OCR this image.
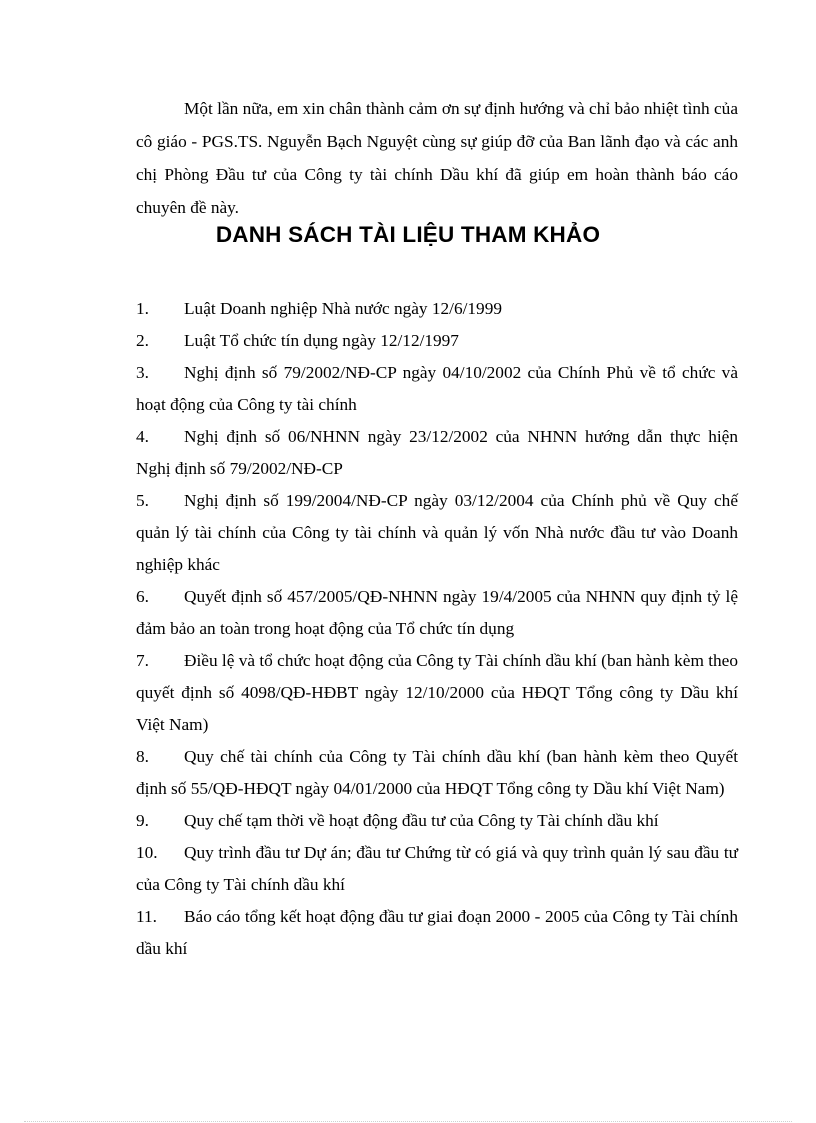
Một lần nữa, em xin chân thành cảm ơn sự định hướng và chỉ bảo nhiệt tình của cô giáo - PGS.TS. Nguyễn Bạch Nguyệt cùng sự giúp đỡ của Ban lãnh đạo và các anh chị Phòng Đầu tư của Công ty tài chính Dầu khí đã giúp em hoàn thành báo cáo chuyên đề này.

DANH SÁCH TÀI LIỆU THAM KHẢO
1. Luật Doanh nghiệp Nhà nước ngày 12/6/1999
2. Luật Tổ chức tín dụng ngày 12/12/1997
3. Nghị định số 79/2002/NĐ-CP ngày 04/10/2002 của Chính Phủ về tổ chức và hoạt động của Công ty tài chính
4. Nghị định số 06/NHNN ngày 23/12/2002 của NHNN hướng dẫn thực hiện Nghị định số 79/2002/NĐ-CP
5. Nghị định số 199/2004/NĐ-CP ngày 03/12/2004 của Chính phủ về Quy chế quản lý tài chính của Công ty tài chính và quản lý vốn Nhà nước đầu tư vào Doanh nghiệp khác
6. Quyết định số 457/2005/QĐ-NHNN ngày 19/4/2005 của NHNN quy định tỷ lệ đảm bảo an toàn trong hoạt động của Tổ chức tín dụng
7. Điều lệ và tổ chức hoạt động của Công ty Tài chính dầu khí (ban hành kèm theo quyết định số 4098/QĐ-HĐBT ngày 12/10/2000 của HĐQT Tổng công ty Dầu khí Việt Nam)
8. Quy chế tài chính của Công ty Tài chính dầu khí (ban hành kèm theo Quyết định số 55/QĐ-HĐQT ngày 04/01/2000 của HĐQT Tổng công ty Dầu khí Việt Nam)
9. Quy chế tạm thời về hoạt động đầu tư của Công ty Tài chính dầu khí
10. Quy trình đầu tư Dự án; đầu tư Chứng từ có giá và quy trình quản lý sau đầu tư của Công ty Tài chính dầu khí
11. Báo cáo tổng kết hoạt động đầu tư giai đoạn 2000 - 2005 của Công ty Tài chính dầu khí
